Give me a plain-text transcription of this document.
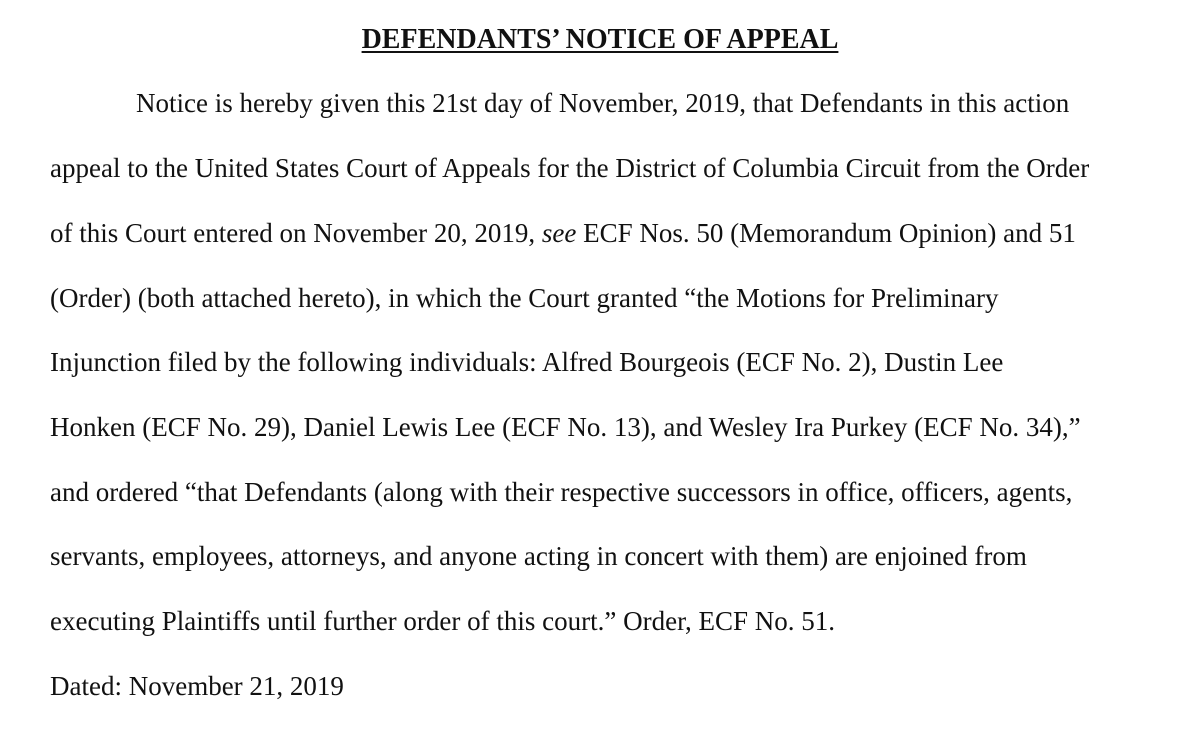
DEFENDANTS’ NOTICE OF APPEAL
Notice is hereby given this 21st day of November, 2019, that Defendants in this action
appeal to the United States Court of Appeals for the District of Columbia Circuit from the Order
of this Court entered on November 20, 2019, see ECF Nos. 50 (Memorandum Opinion) and 51
(Order) (both attached hereto), in which the Court granted “the Motions for Preliminary
Injunction filed by the following individuals: Alfred Bourgeois (ECF No. 2), Dustin Lee
Honken (ECF No. 29), Daniel Lewis Lee (ECF No. 13), and Wesley Ira Purkey (ECF No. 34),”
and ordered “that Defendants (along with their respective successors in office, officers, agents,
servants, employees, attorneys, and anyone acting in concert with them) are enjoined from
executing Plaintiffs until further order of this court.” Order, ECF No. 51.
Dated: November 21, 2019
